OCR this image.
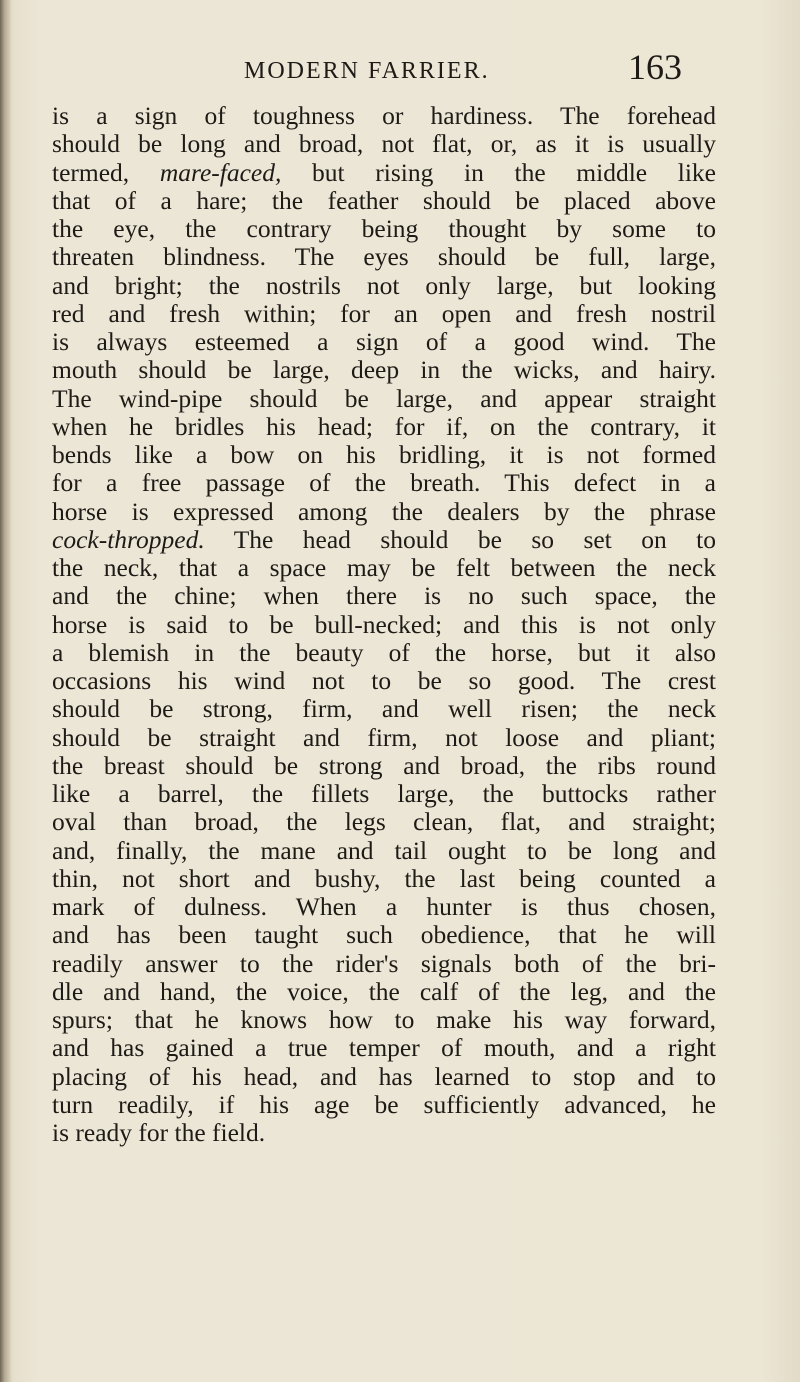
MODERN FARRIER.	163
is a sign of toughness or hardiness. The forehead
should be long and broad, not flat, or, as it is usually
termed, mare-faced, but rising in the middle like
that of a hare; the feather should be placed above
the eye, the contrary being thought by some to
threaten blindness. The eyes should be full, large,
and bright; the nostrils not only large, but looking
red and fresh within; for an open and fresh nostril
is always esteemed a sign of a good wind. The
mouth should be large, deep in the wicks, and hairy.
The wind-pipe should be large, and appear straight
when he bridles his head; for if, on the contrary, it
bends like a bow on his bridling, it is not formed
for a free passage of the breath. This defect in a
horse is expressed among the dealers by the phrase
cock-thropped. The head should be so set on to
the neck, that a space may be felt between the neck
and the chine; when there is no such space, the
horse is said to be bull-necked; and this is not only
a blemish in the beauty of the horse, but it also
occasions his wind not to be so good. The crest
should be strong, firm, and well risen; the neck
should be straight and firm, not loose and pliant;
the breast should be strong and broad, the ribs round
like a barrel, the fillets large, the buttocks rather
oval than broad, the legs clean, flat, and straight;
and, finally, the mane and tail ought to be long and
thin, not short and bushy, the last being counted a
mark of dulness. When a hunter is thus chosen,
and has been taught such obedience, that he will
readily answer to the rider's signals both of the bri-
dle and hand, the voice, the calf of the leg, and the
spurs; that he knows how to make his way forward,
and has gained a true temper of mouth, and a right
placing of his head, and has learned to stop and to
turn readily, if his age be sufficiently advanced, he
is ready for the field.
